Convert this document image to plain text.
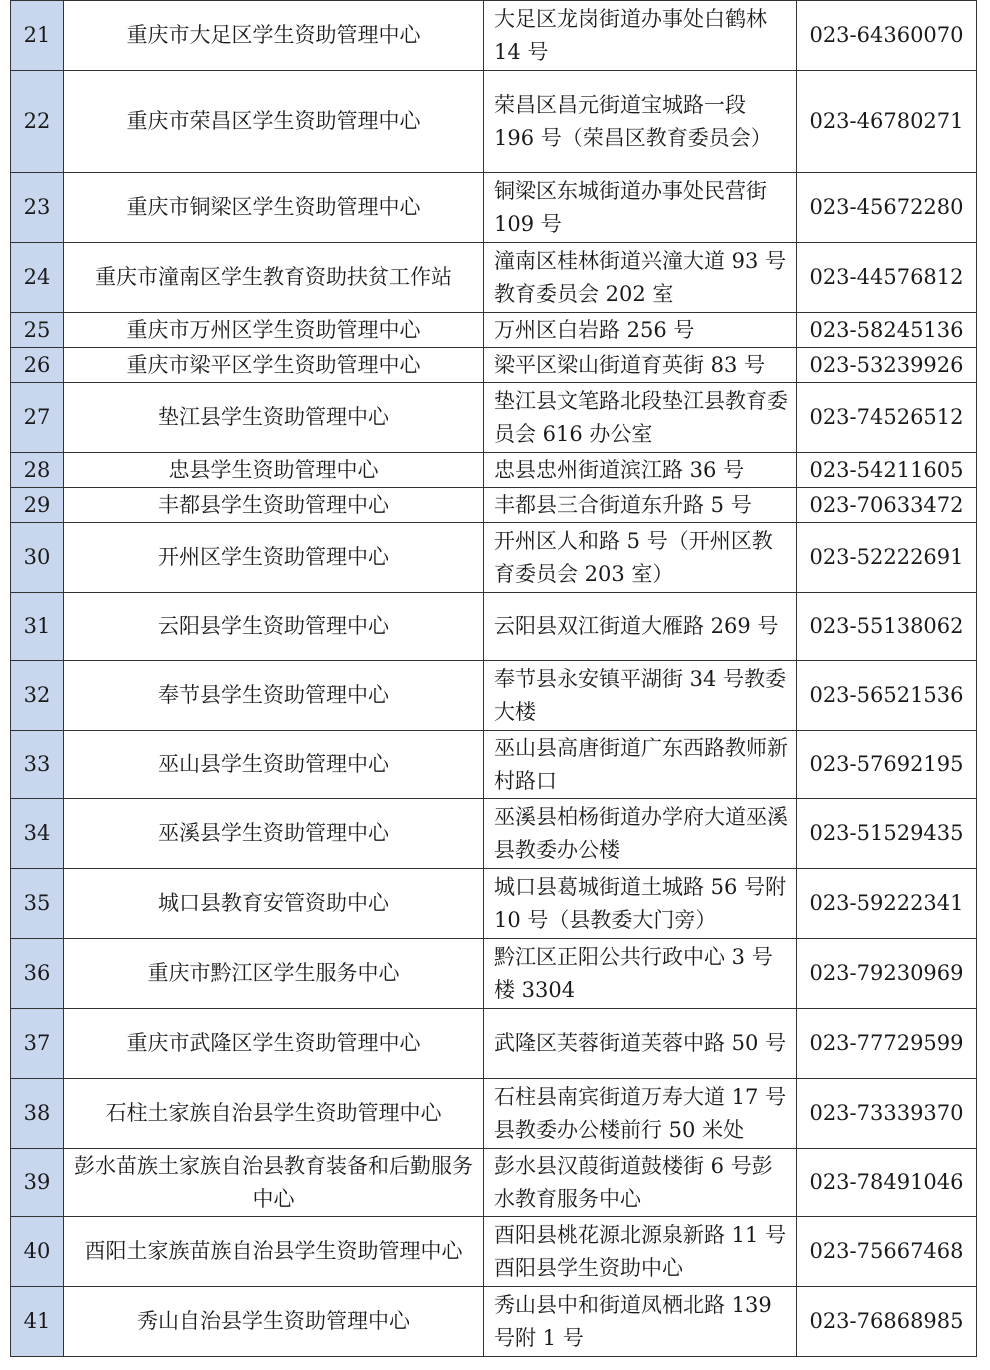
21	重庆市大足区学生资助管理中心	大足区龙岗街道办事处白鹤林 14 号	023-64360070
22	重庆市荣昌区学生资助管理中心	荣昌区昌元街道宝城路一段 196 号（荣昌区教育委员会）	023-46780271
23	重庆市铜梁区学生资助管理中心	铜梁区东城街道办事处民营街 109 号	023-45672280
24	重庆市潼南区学生教育资助扶贫工作站	潼南区桂林街道兴潼大道 93 号教育委员会 202 室	023-44576812
25	重庆市万州区学生资助管理中心	万州区白岩路 256 号	023-58245136
26	重庆市梁平区学生资助管理中心	梁平区梁山街道育英街 83 号	023-53239926
27	垫江县学生资助管理中心	垫江县文笔路北段垫江县教育委员会 616 办公室	023-74526512
28	忠县学生资助管理中心	忠县忠州街道滨江路 36 号	023-54211605
29	丰都县学生资助管理中心	丰都县三合街道东升路 5 号	023-70633472
30	开州区学生资助管理中心	开州区人和路 5 号（开州区教育委员会 203 室）	023-52222691
31	云阳县学生资助管理中心	云阳县双江街道大雁路 269 号	023-55138062
32	奉节县学生资助管理中心	奉节县永安镇平湖街 34 号教委大楼	023-56521536
33	巫山县学生资助管理中心	巫山县高唐街道广东西路教师新村路口	023-57692195
34	巫溪县学生资助管理中心	巫溪县柏杨街道办学府大道巫溪县教委办公楼	023-51529435
35	城口县教育安管资助中心	城口县葛城街道土城路 56 号附 10 号（县教委大门旁）	023-59222341
36	重庆市黔江区学生服务中心	黔江区正阳公共行政中心 3 号楼 3304	023-79230969
37	重庆市武隆区学生资助管理中心	武隆区芙蓉街道芙蓉中路 50 号	023-77729599
38	石柱土家族自治县学生资助管理中心	石柱县南宾街道万寿大道 17 号县教委办公楼前行 50 米处	023-73339370
39	彭水苗族土家族自治县教育装备和后勤服务中心	彭水县汉葭街道鼓楼街 6 号彭水教育服务中心	023-78491046
40	酉阳土家族苗族自治县学生资助管理中心	酉阳县桃花源北源泉新路 11 号酉阳县学生资助中心	023-75667468
41	秀山自治县学生资助管理中心	秀山县中和街道凤栖北路 139 号附 1 号	023-76868985
